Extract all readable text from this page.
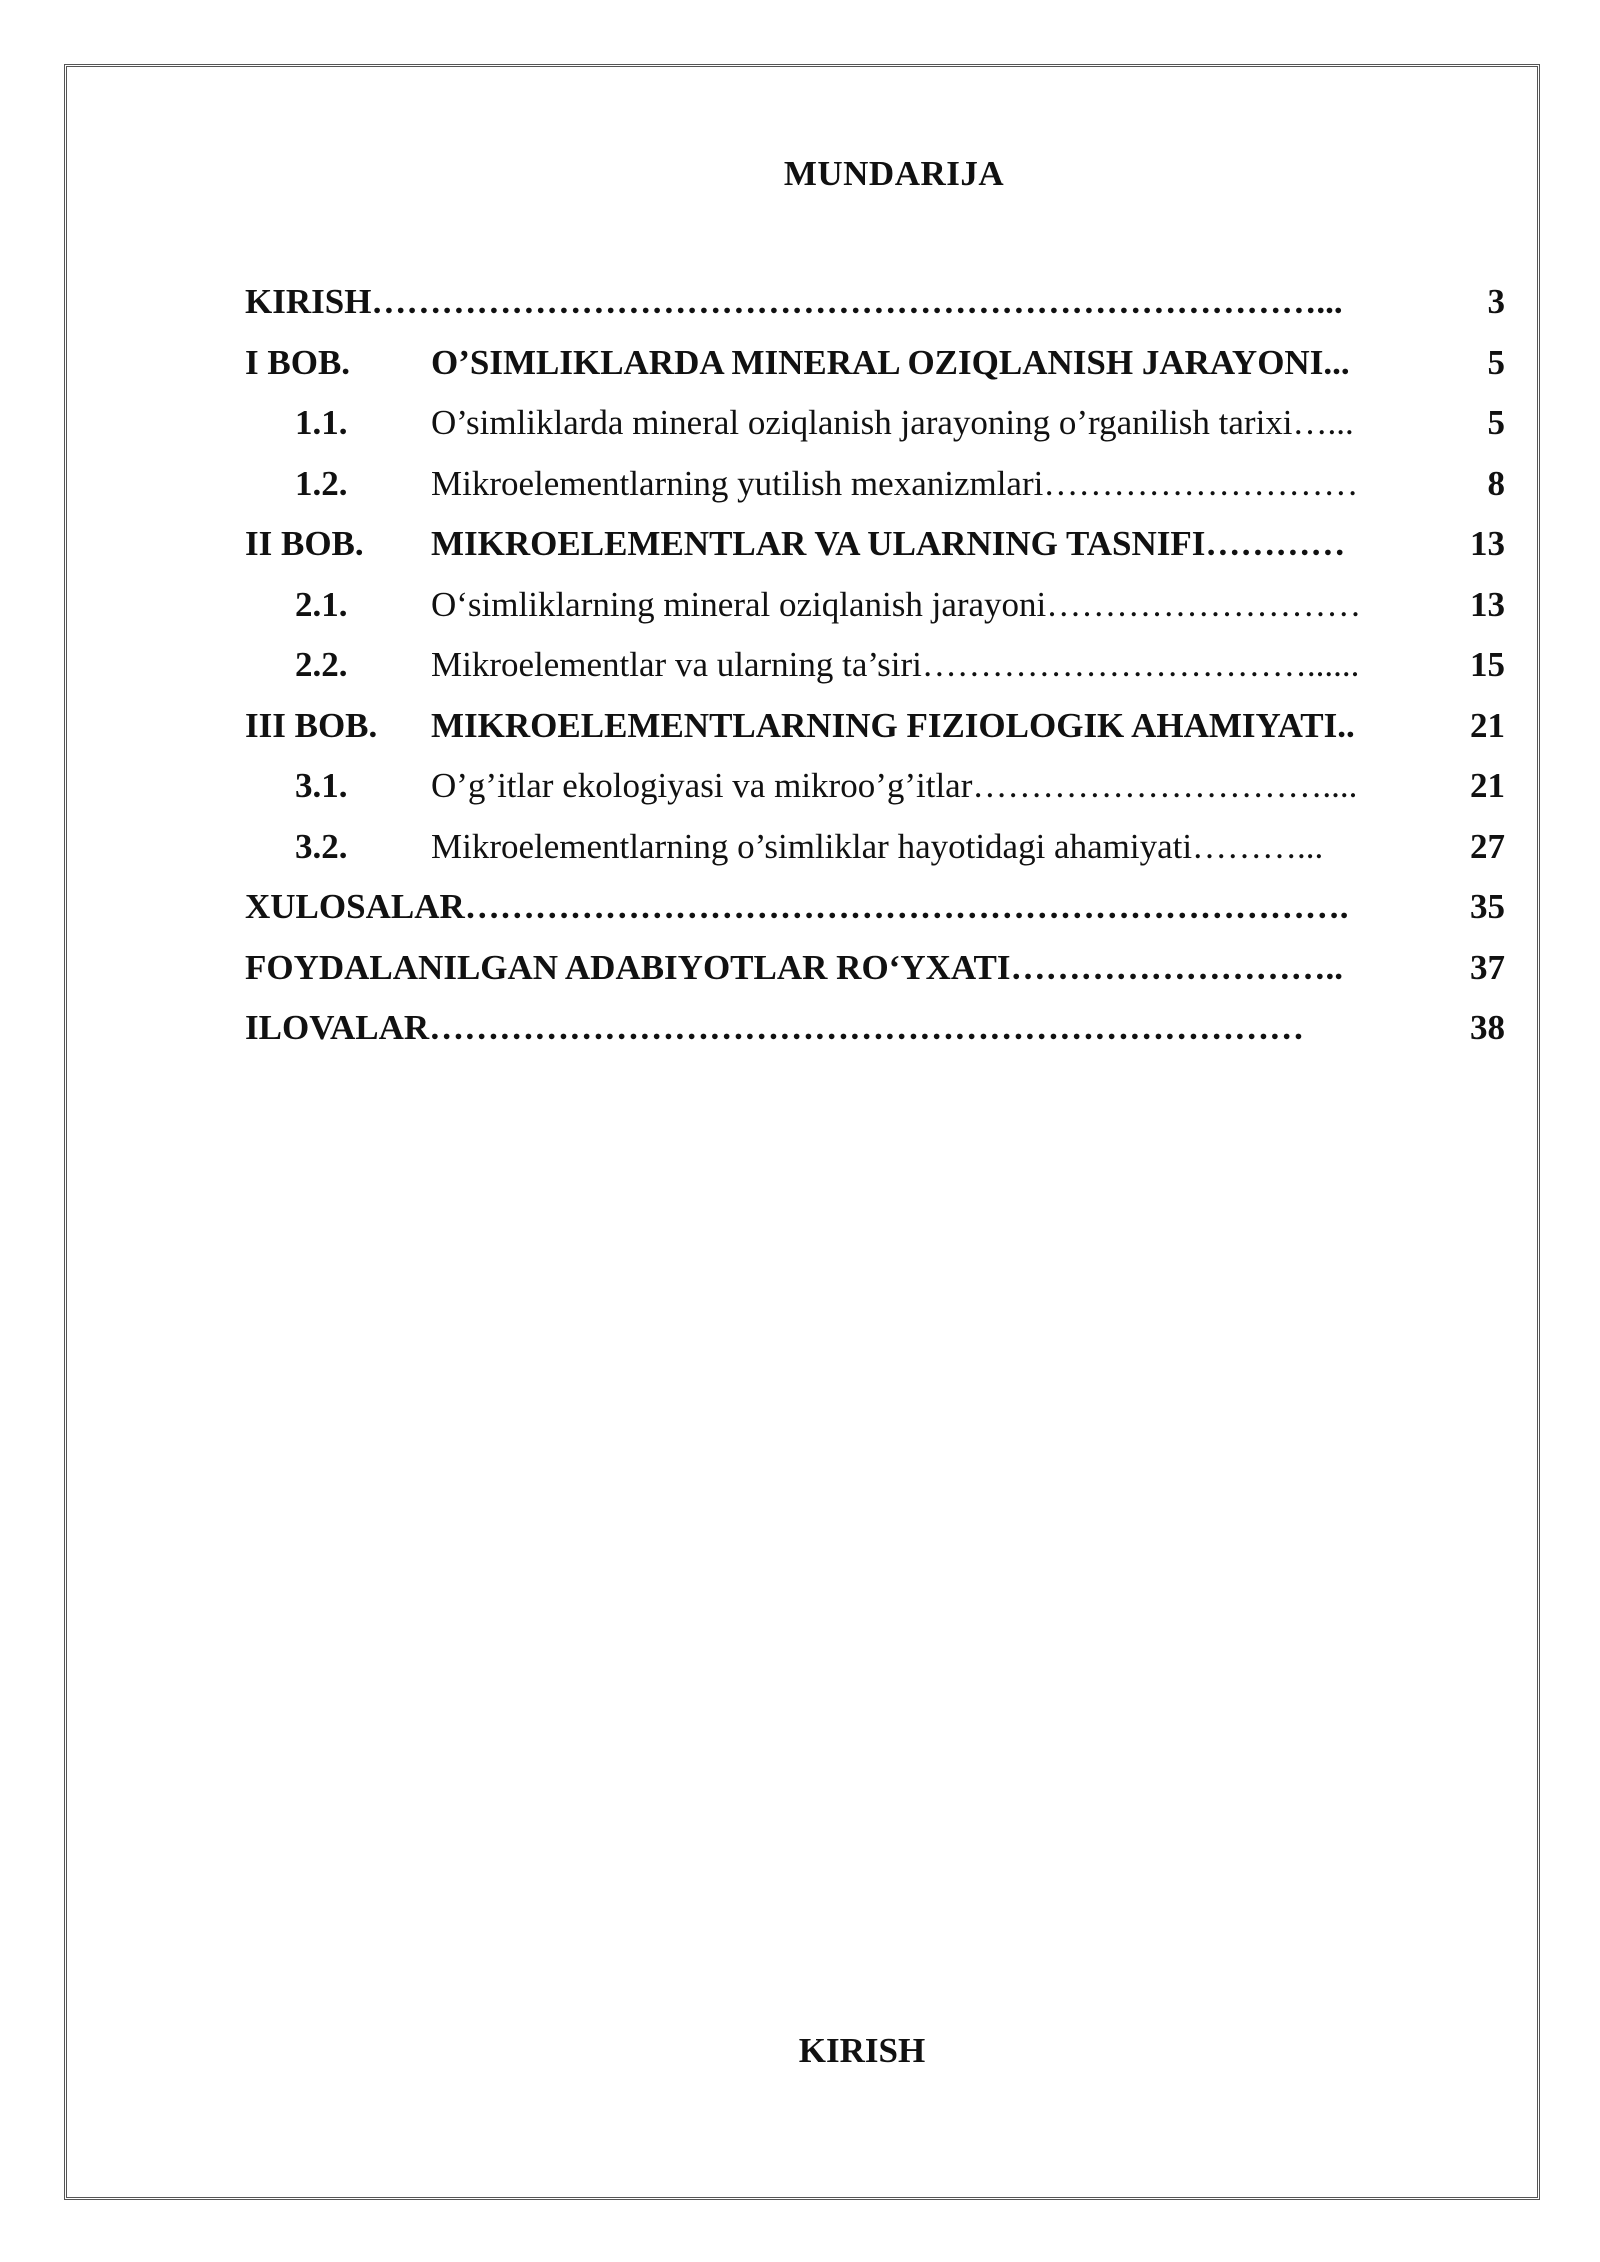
MUNDARIJA
KIRISH………………………………………………………………………...	3
I BOB. O’SIMLIKLARDA MINERAL OZIQLANISH JARAYONI...	5
1.1. O’simliklarda mineral oziqlanish jarayoning o’rganilish tarixi…...	5
1.2. Mikroelementlarning yutilish mexanizmlari………………………	8
II BOB. MIKROELEMENTLAR VA ULARNING TASNIFI…………	13
2.1. O‘simliklarning mineral oziqlanish jarayoni………………………	13
2.2. Mikroelementlar va ularning ta’siri……………………………......	15
III BOB. MIKROELEMENTLARNING FIZIOLOGIK AHAMIYATI..	21
3.1. O’g’itlar ekologiyasi va mikroo’g’itlar…………………………....	21
3.2. Mikroelementlarning o’simliklar hayotidagi ahamiyati………...	27
XULOSALAR………………………………………………………………….	35
FOYDALANILGAN ADABIYOTLAR RO‘YXATI………………………..	37
ILOVALAR…………………………………………………………………	38
KIRISH
